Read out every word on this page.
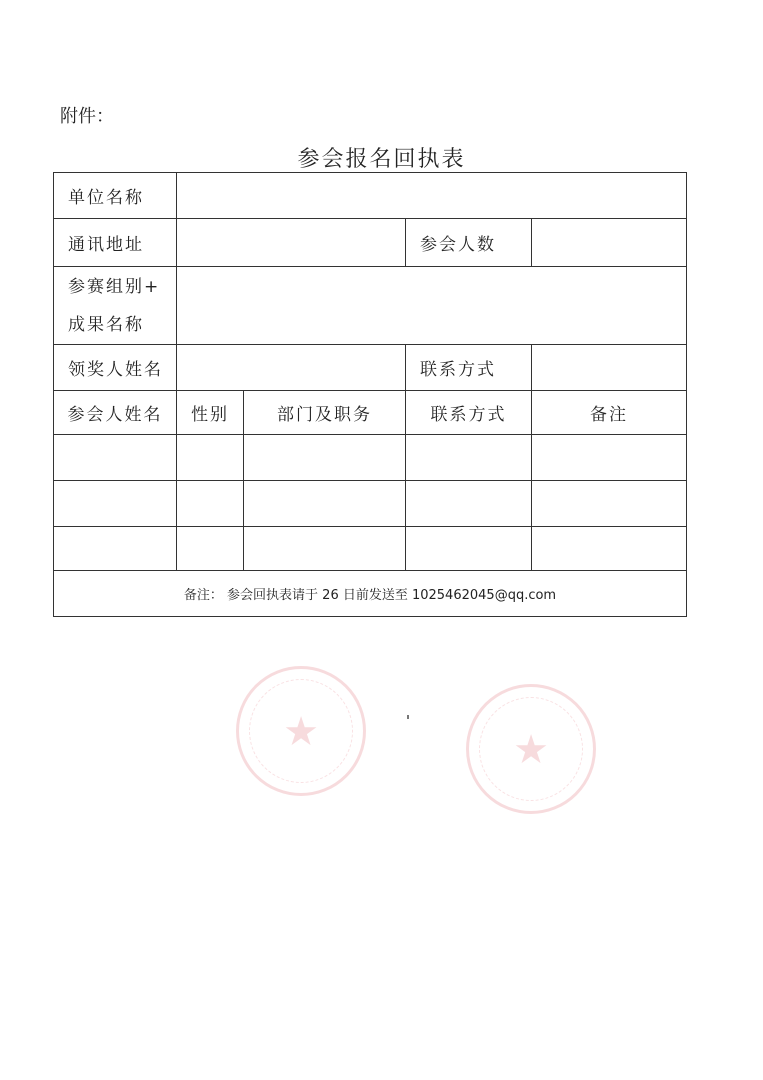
附件：
参会报名回执表
单位名称				
通讯地址			参会人数	

参赛组别+
成果名称				

领奖人姓名			联系方式	
参会人姓名	性别	部门及职务	联系方式	备注

备注： 参会回执表请于 26 日前发送至 1025462045@qq.com				
★	★
